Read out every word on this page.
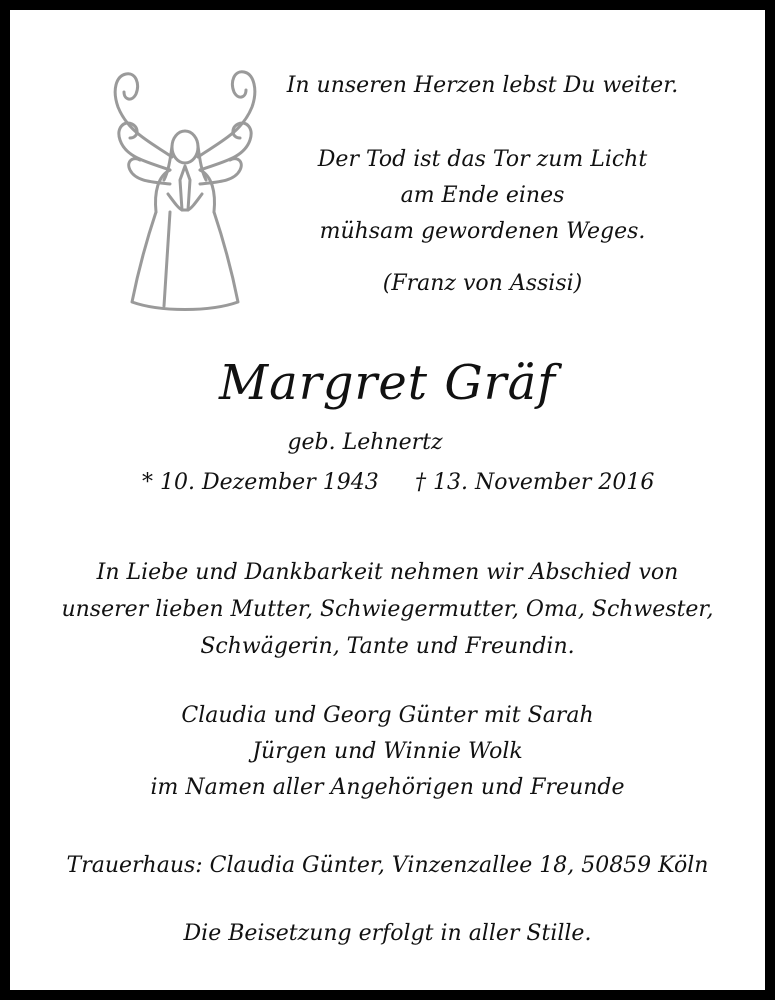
In unseren Herzen lebst Du weiter.
Der Tod ist das Tor zum Licht
am Ende eines
mühsam gewordenen Weges.
(Franz von Assisi)
Margret Gräf
geb. Lehnertz
* 10. Dezember 1943 † 13. November 2016
In Liebe und Dankbarkeit nehmen wir Abschied von
unserer lieben Mutter, Schwiegermutter, Oma, Schwester,
Schwägerin, Tante und Freundin.
Claudia und Georg Günter mit Sarah
Jürgen und Winnie Wolk
im Namen aller Angehörigen und Freunde
Trauerhaus: Claudia Günter, Vinzenzallee 18, 50859 Köln
Die Beisetzung erfolgt in aller Stille.
